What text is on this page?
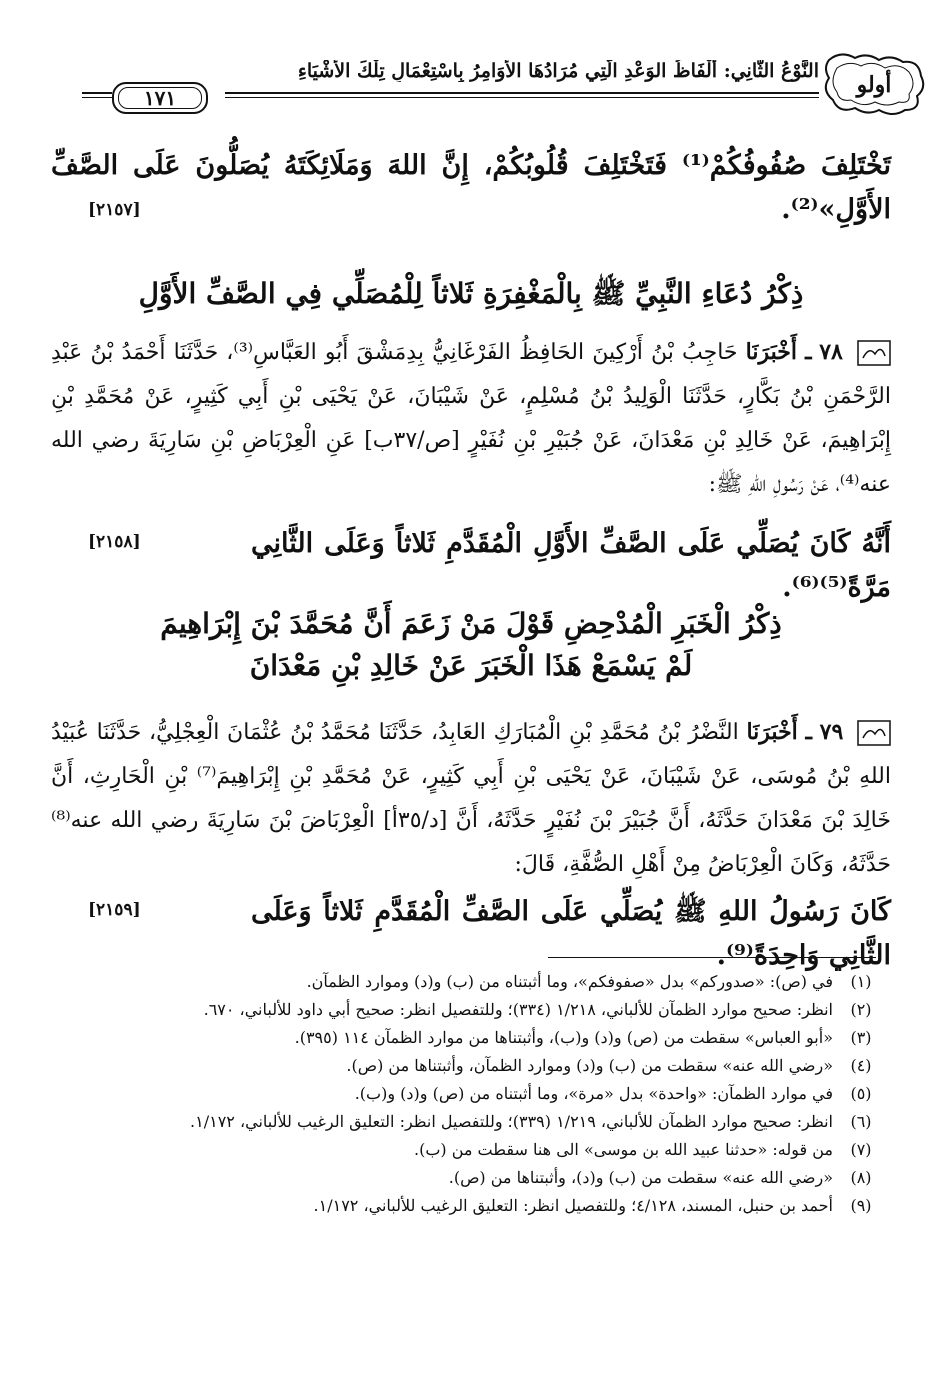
أولو
النَّوْعُ الثَّانِي: أَلْفَاظُ الوَعْدِ الَّتِي مُرَادُهَا الأَوَامِرُ بِاسْتِعْمَالِ تِلْكَ الأَشْيَاءِ
١٧١
تَخْتَلِفَ صُفُوفُكُمْ⁽¹⁾ فَتَخْتَلِفَ قُلُوبُكُمْ، إِنَّ اللهَ وَمَلَائِكَتَهُ يُصَلُّونَ عَلَى الصَّفِّ الأَوَّلِ»⁽²⁾.
[٢١٥٧]
ذِكْرُ دُعَاءِ النَّبِيِّ ﷺ بِالْمَغْفِرَةِ ثَلاثاً لِلْمُصَلِّي فِي الصَّفِّ الأَوَّلِ
٧٨ ـ أَخْبَرَنَا حَاجِبُ بْنُ أَرْكِينَ الحَافِظُ الفَرْغَانِيُّ بِدِمَشْقَ أَبُو العَبَّاسِ⁽³⁾، حَدَّثَنَا أَحْمَدُ بْنُ عَبْدِ الرَّحْمَنِ بْنُ بَكَّارٍ، حَدَّثَنَا الْوَلِيدُ بْنُ مُسْلِمٍ، عَنْ شَيْبَانَ، عَنْ يَحْيَى بْنِ أَبِي كَثِيرٍ، عَنْ مُحَمَّدِ بْنِ إِبْرَاهِيمَ، عَنْ خَالِدِ بْنِ مَعْدَانَ، عَنْ جُبَيْرِ بْنِ نُفَيْرٍ [ص/٣٧ب] عَنِ الْعِرْبَاضِ بْنِ سَارِيَةَ رضي الله عنه⁽⁴⁾، عَنْ رَسُولِ اللهِ ﷺ:
أَنَّهُ كَانَ يُصَلِّي عَلَى الصَّفِّ الأَوَّلِ الْمُقَدَّمِ ثَلاثاً وَعَلَى الثَّانِي مَرَّةً⁽⁵⁾⁽⁶⁾.
[٢١٥٨]
ذِكْرُ الْخَبَرِ الْمُدْحِضِ قَوْلَ مَنْ زَعَمَ أَنَّ مُحَمَّدَ بْنَ إِبْرَاهِيمَ
لَمْ يَسْمَعْ هَذَا الْخَبَرَ عَنْ خَالِدِ بْنِ مَعْدَانَ
٧٩ ـ أَخْبَرَنَا النَّضْرُ بْنُ مُحَمَّدِ بْنِ الْمُبَارَكِ العَابِدُ، حَدَّثَنَا مُحَمَّدُ بْنُ عُثْمَانَ الْعِجْلِيُّ، حَدَّثَنَا عُبَيْدُ اللهِ بْنُ مُوسَى، عَنْ شَيْبَانَ، عَنْ يَحْيَى بْنِ أَبِي كَثِيرٍ، عَنْ مُحَمَّدِ بْنِ إِبْرَاهِيمَ⁽⁷⁾ بْنِ الْحَارِثِ، أَنَّ خَالِدَ بْنَ مَعْدَانَ حَدَّثَهُ، أَنَّ جُبَيْرَ بْنَ نُفَيْرٍ حَدَّثَهُ، أَنَّ [د/٣٥أ] الْعِرْبَاضَ بْنَ سَارِيَةَ رضي الله عنه⁽⁸⁾ حَدَّثَهُ، وَكَانَ الْعِرْبَاضُ مِنْ أَهْلِ الصُّفَّةِ، قَالَ:
كَانَ رَسُولُ اللهِ ﷺ يُصَلِّي عَلَى الصَّفِّ الْمُقَدَّمِ ثَلاثاً وَعَلَى الثَّانِي وَاحِدَةً⁽⁹⁾.
[٢١٥٩]
(١)
في (ص): «صدوركم» بدل «صفوفكم»، وما أثبتناه من (ب) و(د) وموارد الظمآن.
(٢)
انظر: صحيح موارد الظمآن للألباني، ١/٢١٨ (٣٣٤)؛ وللتفصيل انظر: صحيح أبي داود للألباني، ٦٧٠.
(٣)
«أبو العباس» سقطت من (ص) و(د) و(ب)، وأثبتناها من موارد الظمآن ١١٤ (٣٩٥).
(٤)
«رضي الله عنه» سقطت من (ب) و(د) وموارد الظمآن، وأثبتناها من (ص).
(٥)
في موارد الظمآن: «واحدة» بدل «مرة»، وما أثبتناه من (ص) و(د) و(ب).
(٦)
انظر: صحيح موارد الظمآن للألباني، ١/٢١٩ (٣٣٩)؛ وللتفصيل انظر: التعليق الرغيب للألباني، ١/١٧٢.
(٧)
من قوله: «حدثنا عبيد الله بن موسى» الى هنا سقطت من (ب).
(٨)
«رضي الله عنه» سقطت من (ب) و(د)، وأثبتناها من (ص).
(٩)
أحمد بن حنبل، المسند، ٤/١٢٨؛ وللتفصيل انظر: التعليق الرغيب للألباني، ١/١٧٢.
